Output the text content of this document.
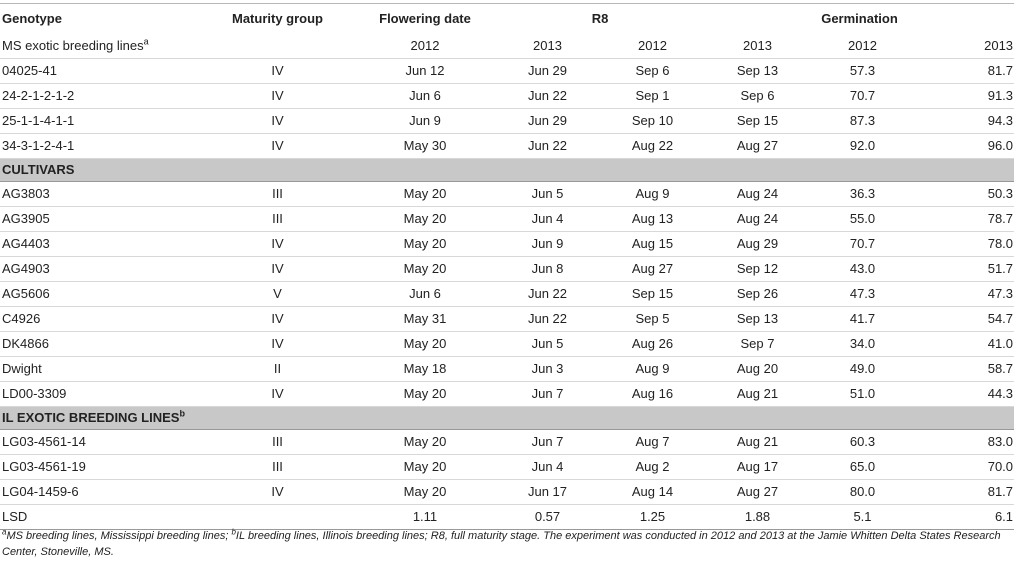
Genotype	Maturity group	Flowering date	R8		Germination		
MS exotic breeding lines$^a$		2012	2013	2012	2013	2012	2013
04025-41	IV	Jun 12	Jun 29	Sep 6	Sep 13	57.3	81.7
24-2-1-2-1-2	IV	Jun 6	Jun 22	Sep 1	Sep 6	70.7	91.3
25-1-1-4-1-1	IV	Jun 9	Jun 29	Sep 10	Sep 15	87.3	94.3
34-3-1-2-4-1	IV	May 30	Jun 22	Aug 22	Aug 27	92.0	96.0
CULTIVARS							
AG3803	III	May 20	Jun 5	Aug 9	Aug 24	36.3	50.3
AG3905	III	May 20	Jun 4	Aug 13	Aug 24	55.0	78.7
AG4403	IV	May 20	Jun 9	Aug 15	Aug 29	70.7	78.0
AG4903	IV	May 20	Jun 8	Aug 27	Sep 12	43.0	51.7
AG5606	V	Jun 6	Jun 22	Sep 15	Sep 26	47.3	47.3
C4926	IV	May 31	Jun 22	Sep 5	Sep 13	41.7	54.7
DK4866	IV	May 20	Jun 5	Aug 26	Sep 7	34.0	41.0
Dwight	II	May 18	Jun 3	Aug 9	Aug 20	49.0	58.7
LD00-3309	IV	May 20	Jun 7	Aug 16	Aug 21	51.0	44.3
IL EXOTIC BREEDING LINES$^b$
LG03-4561-14	III	May 20	Jun 7	Aug 7	Aug 21	60.3	83.0
LG03-4561-19	III	May 20	Jun 4	Aug 2	Aug 17	65.0	70.0
LG04-1459-6	IV	May 20	Jun 17	Aug 14	Aug 27	80.0	81.7
LSD		1.11	0.57	1.25	1.88	5.1	6.1
$^a$MS breeding lines, Mississippi breeding lines; $^b$IL breeding lines, Illinois breeding lines; R8, full maturity stage. The experiment was conducted in 2012 and 2013 at the Jamie Whitten Delta States Research Center, Stoneville, MS.
